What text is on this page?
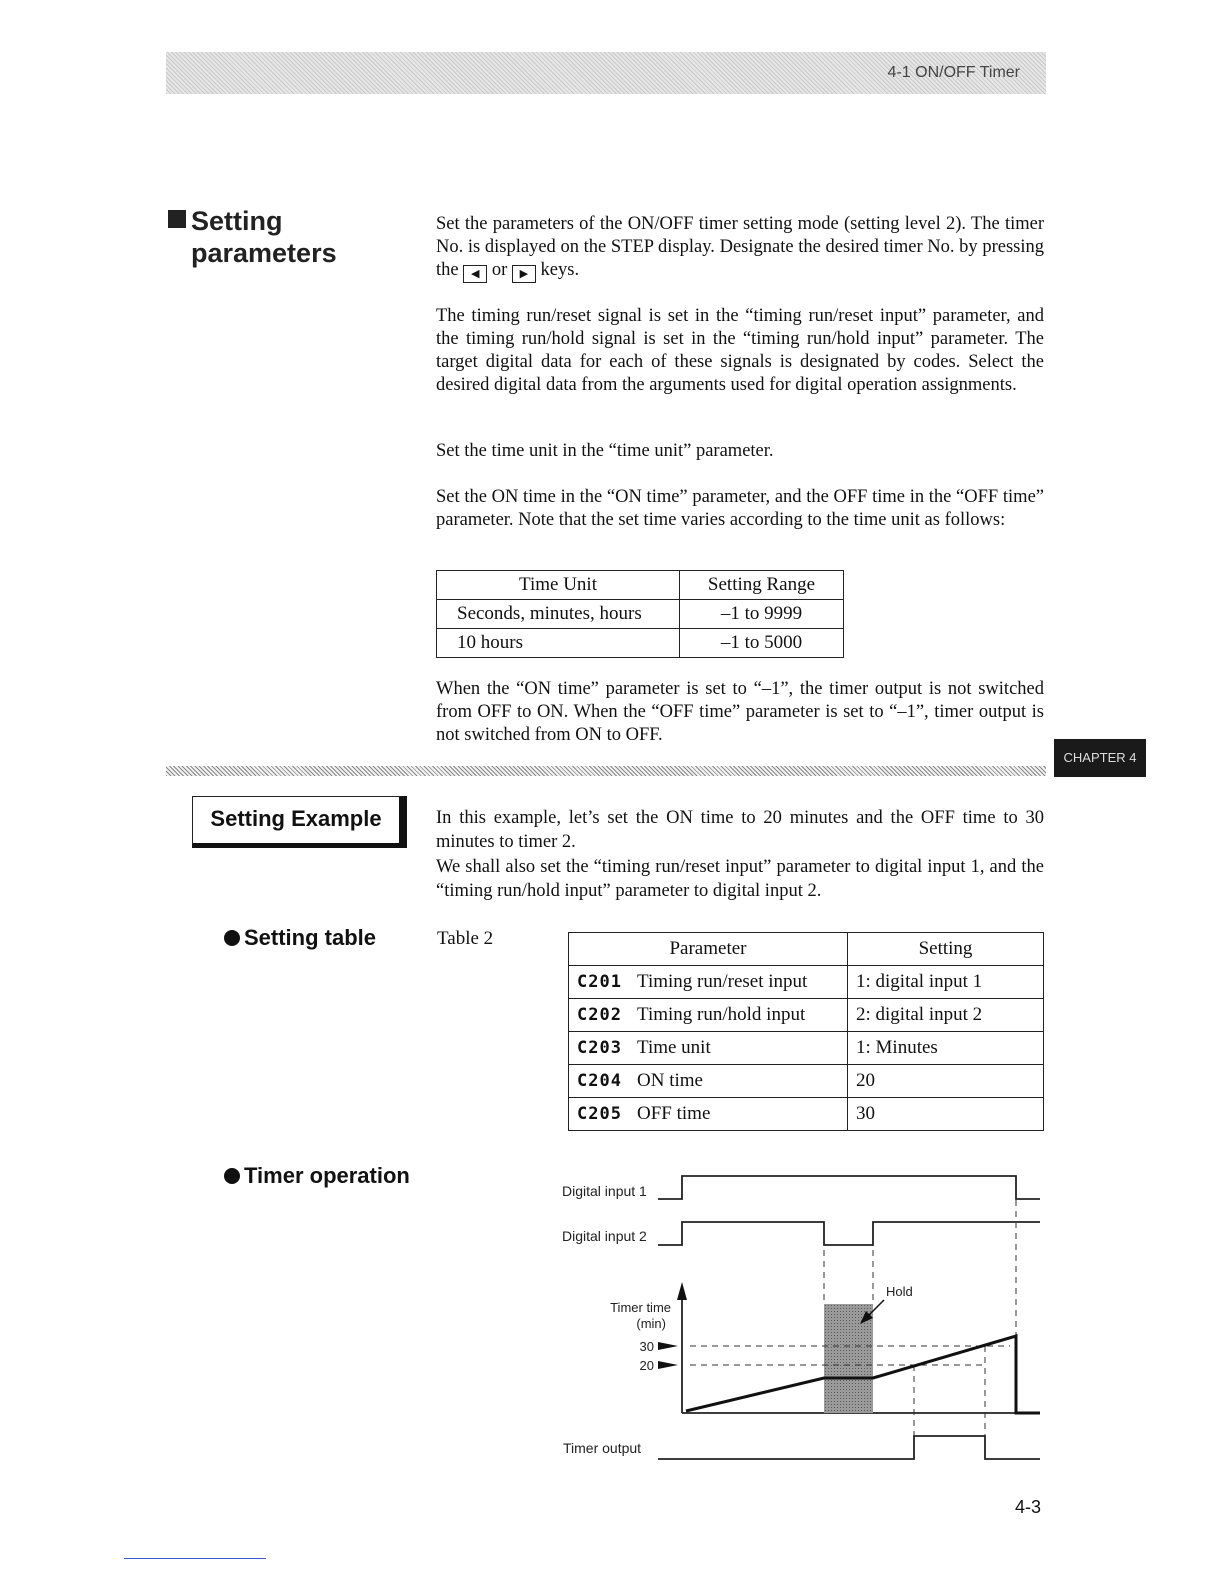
4-1 ON/OFF Timer
Setting
parameters

Set the parameters of the ON/OFF timer setting mode (setting level 2). The timer No. is displayed on the STEP display. Designate the desired timer No. by pressing the ◀ or ▶ keys.

The timing run/reset signal is set in the “timing run/reset input” parameter, and the timing run/hold signal is set in the “timing run/hold input” parameter. The target digital data for each of these signals is designated by codes. Select the desired digital data from the arguments used for digital operation assignments.

Set the time unit in the “time unit” parameter.

Set the ON time in the “ON time” parameter, and the OFF time in the “OFF time” parameter. Note that the set time varies according to the time unit as follows:

Time Unit	Setting Range
Seconds, minutes, hours	–1 to 9999
10 hours	–1 to 5000

When the “ON time” parameter is set to “–1”, the timer output is not switched from OFF to ON. When the “OFF time” parameter is set to “–1”, timer output is not switched from ON to OFF.

CHAPTER 4
Setting Example	In this example, let’s set the ON time to 20 minutes and the OFF time to 30 minutes to timer 2.

We shall also set the “timing run/reset input” parameter to digital input 1, and the “timing run/hold input” parameter to digital input 2.

Setting table	Table 2	Parameter	Setting
C201 Timing run/reset input	1: digital input 1
C202 Timing run/hold input	2: digital input 2
C203 Time unit	1: Minutes
C204 ON time	20
C205 OFF time	30
Timer operation
Digital input 1
Digital input 2
Timer time
(min)
30
20
Hold
Timer output
4-3
